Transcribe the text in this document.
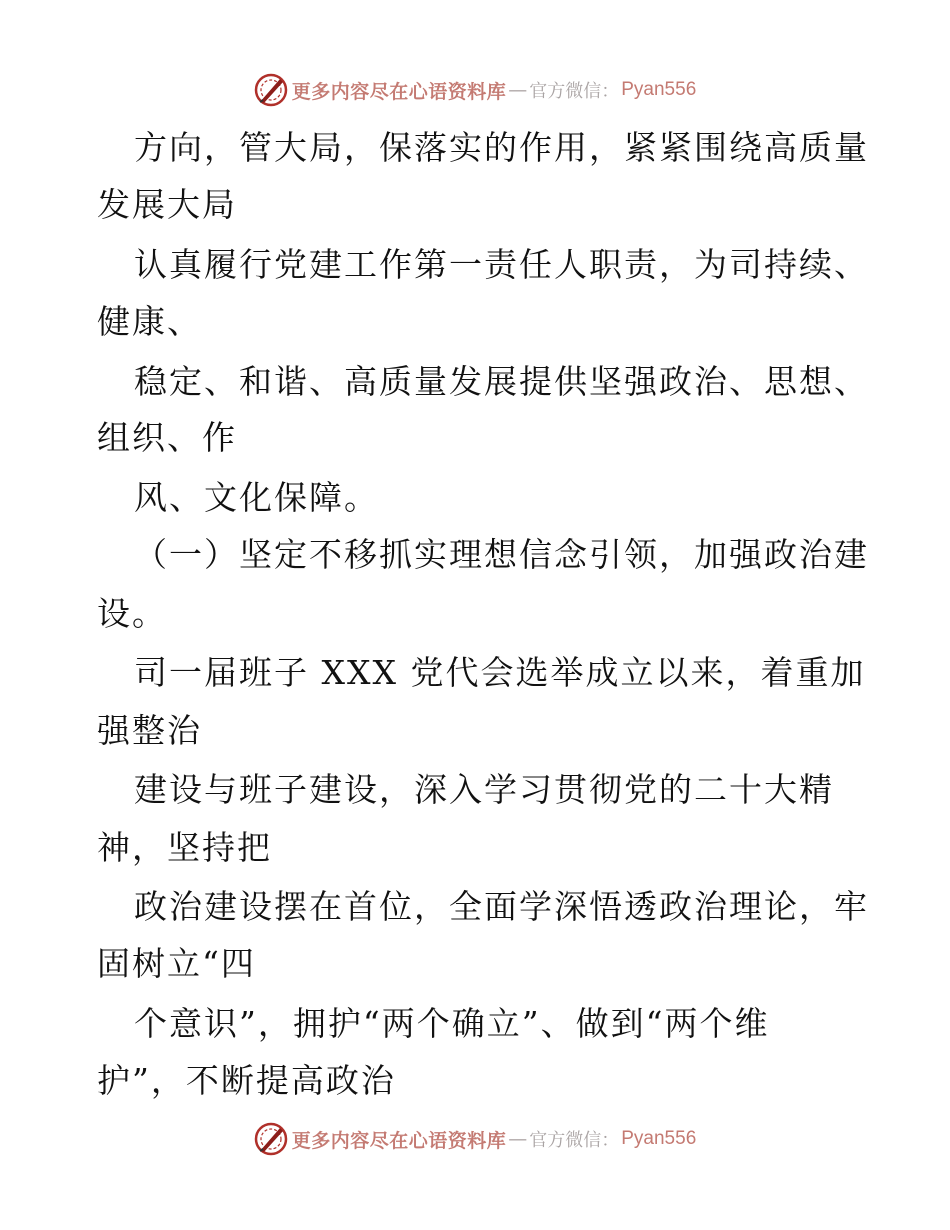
更多内容尽在心语资料库 — 官方微信： Pyan556
方向，管大局，保落实的作用，紧紧围绕高质量
发展大局
认真履行党建工作第一责任人职责，为司持续、
健康、
稳定、和谐、高质量发展提供坚强政治、思想、
组织、作
风、文化保障。
（一）坚定不移抓实理想信念引领，加强政治建
设。
司一届班子 XXX 党代会选举成立以来，着重加
强整治
建设与班子建设，深入学习贯彻党的二十大精
神，坚持把
政治建设摆在首位，全面学深悟透政治理论，牢
固树立“四
个意识”，拥护“两个确立”、做到“两个维
护”，不断提高政治
更多内容尽在心语资料库 — 官方微信： Pyan556
